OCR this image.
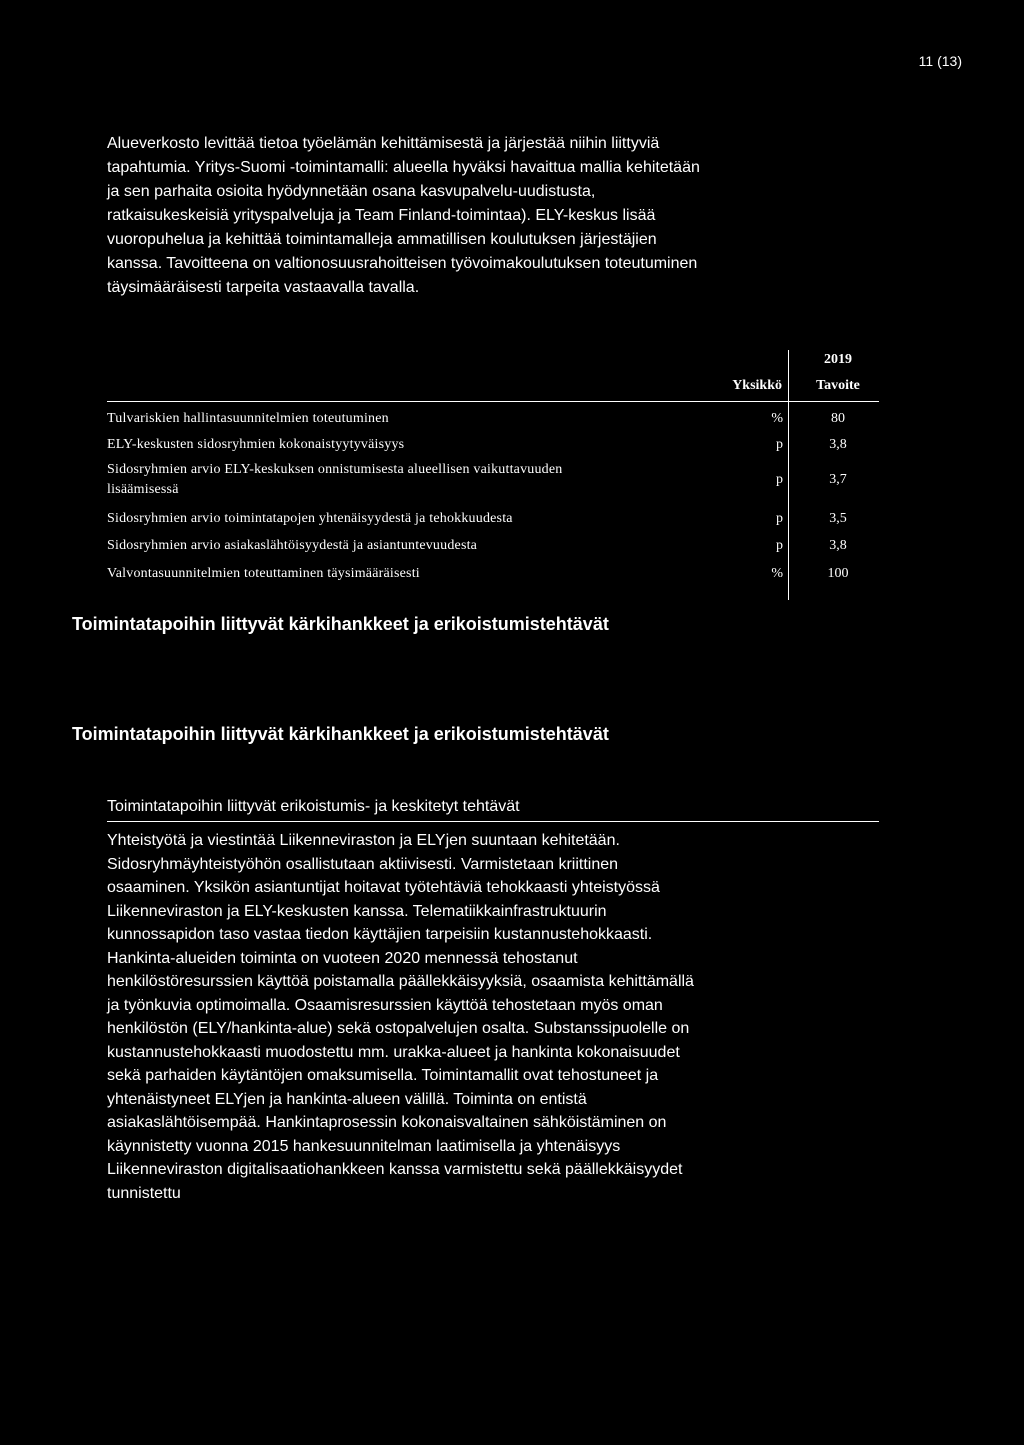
11 (13)
Alueverkosto levittää tietoa työelämän kehittämisestä ja järjestää niihin liittyviä
tapahtumia. Yritys-Suomi -toimintamalli: alueella hyväksi havaittua mallia kehitetään
ja sen parhaita osioita hyödynnetään osana kasvupalvelu-uudistusta,
ratkaisukeskeisiä yrityspalveluja ja Team Finland-toimintaa). ELY-keskus lisää
vuoropuhelua ja kehittää toimintamalleja ammatillisen koulutuksen järjestäjien
kanssa. Tavoitteena on valtionosuusrahoitteisen työvoimakoulutuksen toteutuminen
täysimääräisesti tarpeita vastaavalla tavalla.
2019
Yksikkö	Tavoite
Tulvariskien hallintasuunnitelmien toteutuminen	%	80
ELY-keskusten sidosryhmien kokonaistyytyväisyys	p	3,8
Sidosryhmien arvio ELY-keskuksen onnistumisesta alueellisen vaikuttavuuden
lisäämisessä
p	3,7
Sidosryhmien arvio toimintatapojen yhtenäisyydestä ja tehokkuudesta	p	3,5
Sidosryhmien arvio asiakaslähtöisyydestä ja asiantuntevuudesta	p	3,8
Valvontasuunnitelmien toteuttaminen täysimääräisesti	%	100
Toimintatapoihin liittyvät kärkihankkeet ja erikoistumistehtävät
Toimintatapoihin liittyvät kärkihankkeet ja erikoistumistehtävät
Toimintatapoihin liittyvät erikoistumis- ja keskitetyt tehtävät
Yhteistyötä ja viestintää Liikenneviraston ja ELYjen suuntaan kehitetään.
Sidosryhmäyhteistyöhön osallistutaan aktiivisesti. Varmistetaan kriittinen
osaaminen. Yksikön asiantuntijat hoitavat työtehtäviä tehokkaasti yhteistyössä
Liikenneviraston ja ELY-keskusten kanssa. Telematiikkainfrastruktuurin
kunnossapidon taso vastaa tiedon käyttäjien tarpeisiin kustannustehokkaasti.
Hankinta-alueiden toiminta on vuoteen 2020 mennessä tehostanut
henkilöstöresurssien käyttöä poistamalla päällekkäisyyksiä, osaamista kehittämällä
ja työnkuvia optimoimalla. Osaamisresurssien käyttöä tehostetaan myös oman
henkilöstön (ELY/hankinta-alue) sekä ostopalvelujen osalta. Substanssipuolelle on
kustannustehokkaasti muodostettu mm. urakka-alueet ja hankinta kokonaisuudet
sekä parhaiden käytäntöjen omaksumisella. Toimintamallit ovat tehostuneet ja
yhtenäistyneet ELYjen ja hankinta-alueen välillä. Toiminta on entistä
asiakaslähtöisempää. Hankintaprosessin kokonaisvaltainen sähköistäminen on
käynnistetty vuonna 2015 hankesuunnitelman laatimisella ja yhtenäisyys
Liikenneviraston digitalisaatiohankkeen kanssa varmistettu sekä päällekkäisyydet
tunnistettu
